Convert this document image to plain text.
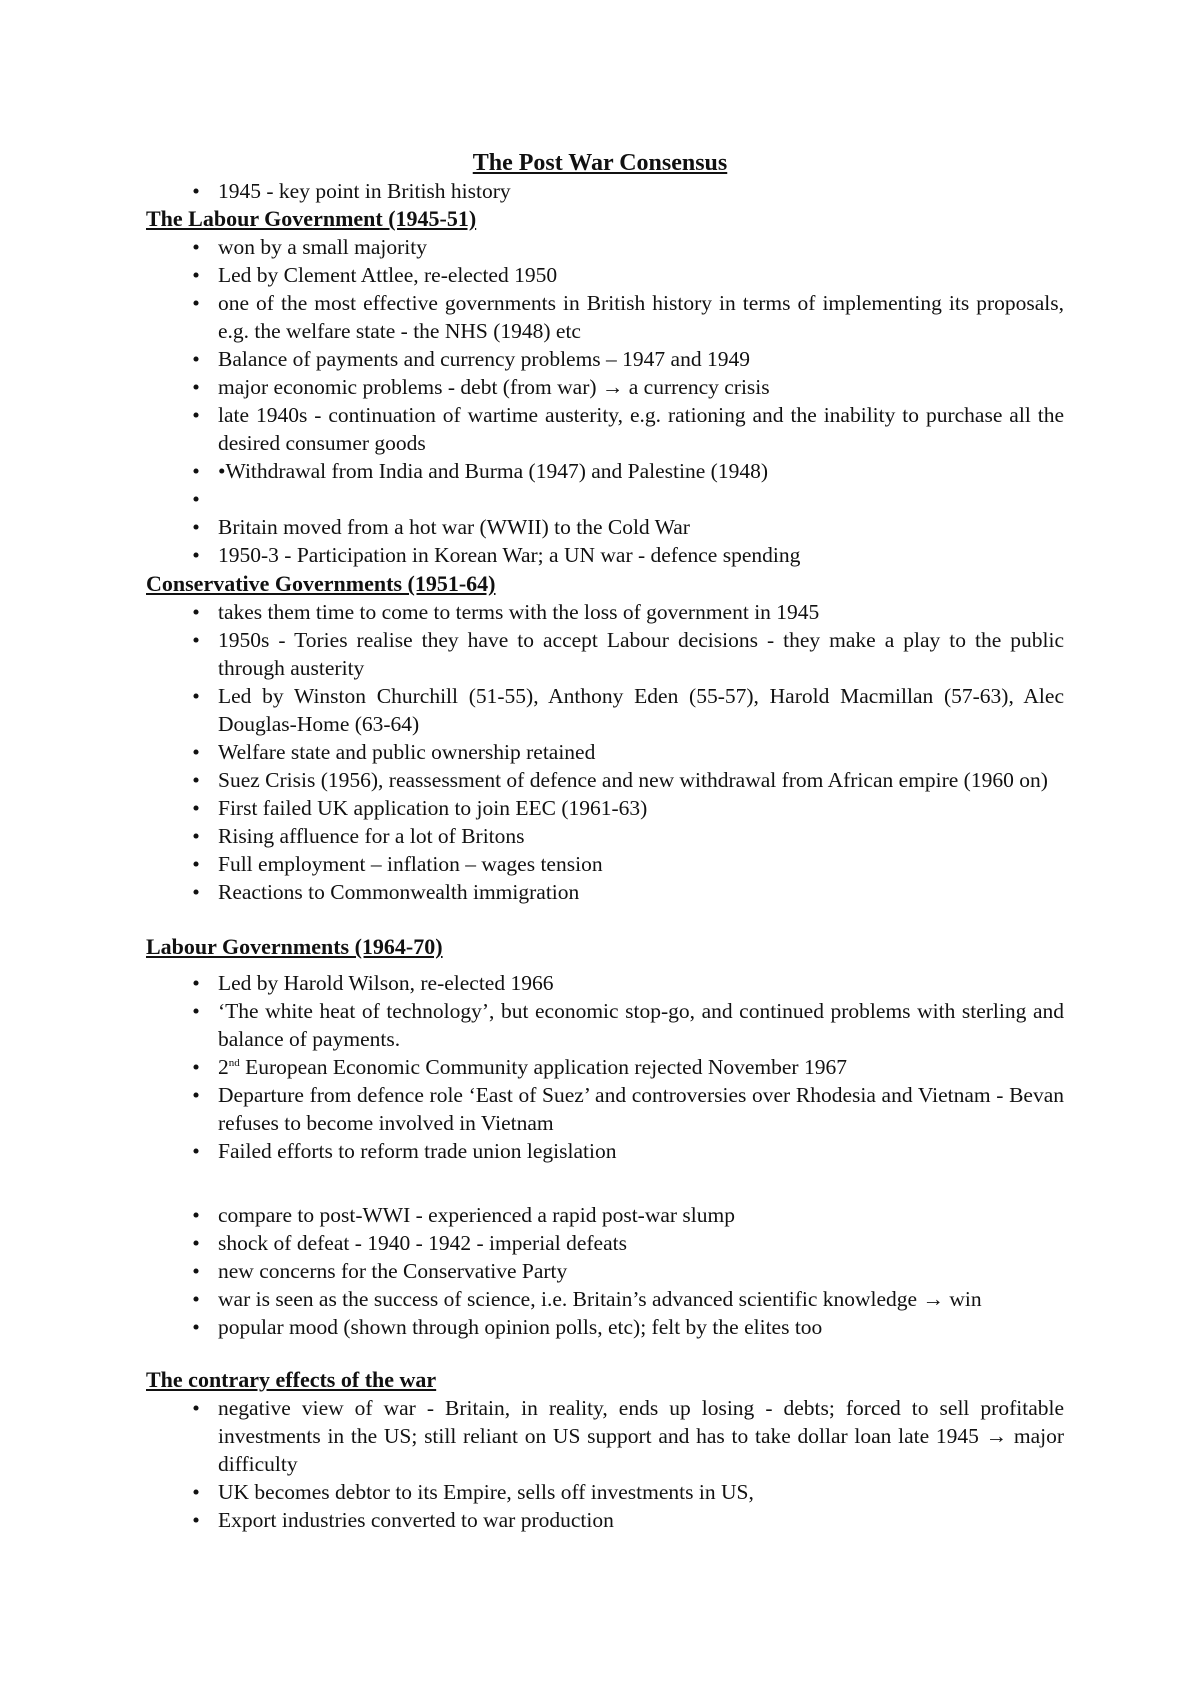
The Post War Consensus
• 1945 - key point in British history
The Labour Government (1945-51)
• won by a small majority
• Led by Clement Attlee, re-elected 1950
• one of the most effective governments in British history in terms of implementing its proposals, e.g. the welfare state - the NHS (1948) etc
• Balance of payments and currency problems – 1947 and 1949
• major economic problems - debt (from war) → a currency crisis
• late 1940s - continuation of wartime austerity, e.g. rationing and the inability to purchase all the desired consumer goods
• •Withdrawal from India and Burma (1947) and Palestine (1948)
•
• Britain moved from a hot war (WWII) to the Cold War
• 1950-3 - Participation in Korean War; a UN war - defence spending
Conservative Governments (1951-64)
• takes them time to come to terms with the loss of government in 1945
• 1950s - Tories realise they have to accept Labour decisions - they make a play to the public through austerity
• Led by Winston Churchill (51-55), Anthony Eden (55-57), Harold Macmillan (57-63), Alec Douglas-Home (63-64)
• Welfare state and public ownership retained
• Suez Crisis (1956), reassessment of defence and new withdrawal from African empire (1960 on)
• First failed UK application to join EEC (1961-63)
• Rising affluence for a lot of Britons
• Full employment – inflation – wages tension
• Reactions to Commonwealth immigration
Labour Governments (1964-70)
• Led by Harold Wilson, re-elected 1966
• ‘The white heat of technology’, but economic stop-go, and continued problems with sterling and balance of payments.
• 2nd European Economic Community application rejected November 1967
• Departure from defence role ‘East of Suez’ and controversies over Rhodesia and Vietnam - Bevan refuses to become involved in Vietnam
• Failed efforts to reform trade union legislation
• compare to post-WWI - experienced a rapid post-war slump
• shock of defeat - 1940 - 1942 - imperial defeats
• new concerns for the Conservative Party
• war is seen as the success of science, i.e. Britain’s advanced scientific knowledge → win
• popular mood (shown through opinion polls, etc); felt by the elites too
The contrary effects of the war
• negative view of war - Britain, in reality, ends up losing - debts; forced to sell profitable investments in the US; still reliant on US support and has to take dollar loan late 1945 → major difficulty
• UK becomes debtor to its Empire, sells off investments in US,
• Export industries converted to war production
